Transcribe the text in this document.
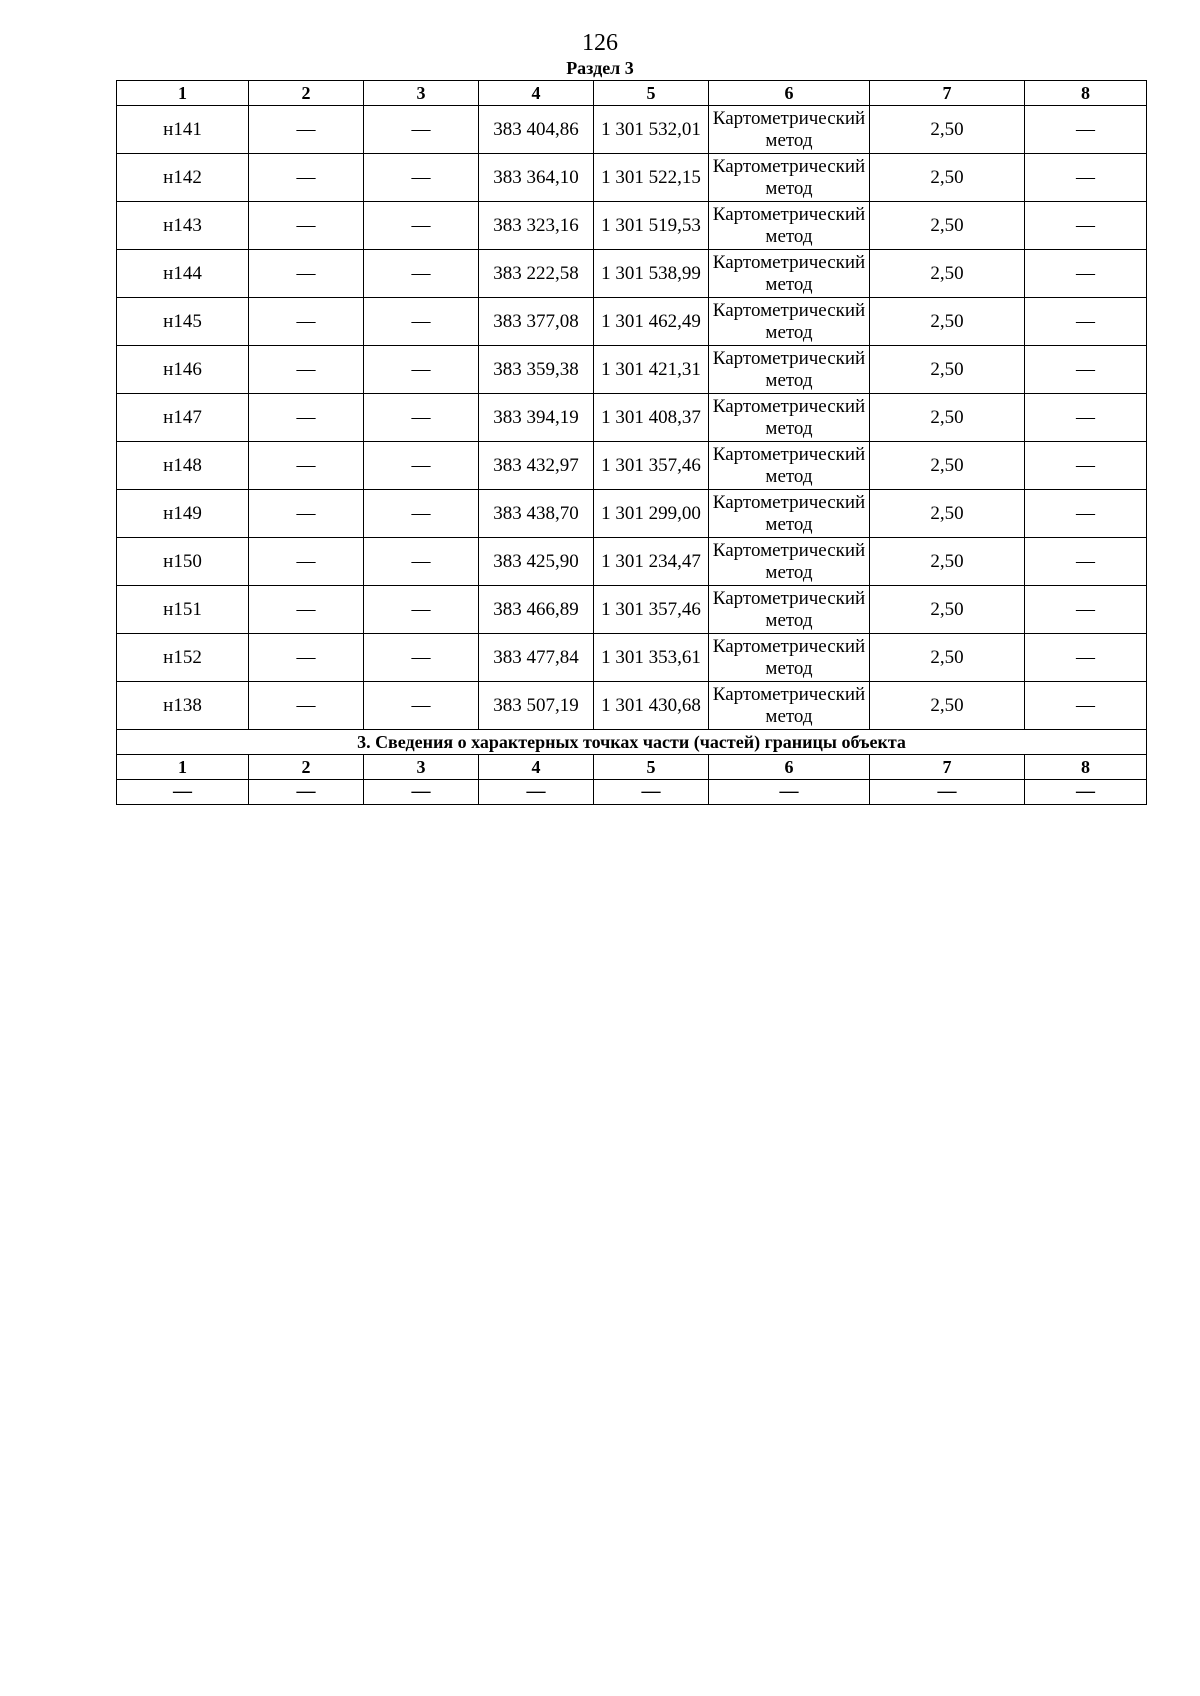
126
Раздел 3
1	2	3	4	5	6	7	8
н141	—	—	383 404,86	1 301 532,01	Картометрический метод	2,50	—
н142	—	—	383 364,10	1 301 522,15	Картометрический метод	2,50	—
н143	—	—	383 323,16	1 301 519,53	Картометрический метод	2,50	—
н144	—	—	383 222,58	1 301 538,99	Картометрический метод	2,50	—
н145	—	—	383 377,08	1 301 462,49	Картометрический метод	2,50	—
н146	—	—	383 359,38	1 301 421,31	Картометрический метод	2,50	—
н147	—	—	383 394,19	1 301 408,37	Картометрический метод	2,50	—
н148	—	—	383 432,97	1 301 357,46	Картометрический метод	2,50	—
н149	—	—	383 438,70	1 301 299,00	Картометрический метод	2,50	—
н150	—	—	383 425,90	1 301 234,47	Картометрический метод	2,50	—
н151	—	—	383 466,89	1 301 357,46	Картометрический метод	2,50	—
н152	—	—	383 477,84	1 301 353,61	Картометрический метод	2,50	—
н138	—	—	383 507,19	1 301 430,68	Картометрический метод	2,50	—
3. Сведения о характерных точках части (частей) границы объекта							
1	2	3	4	5	6	7	8
—	—	—	—	—	—	—	—
